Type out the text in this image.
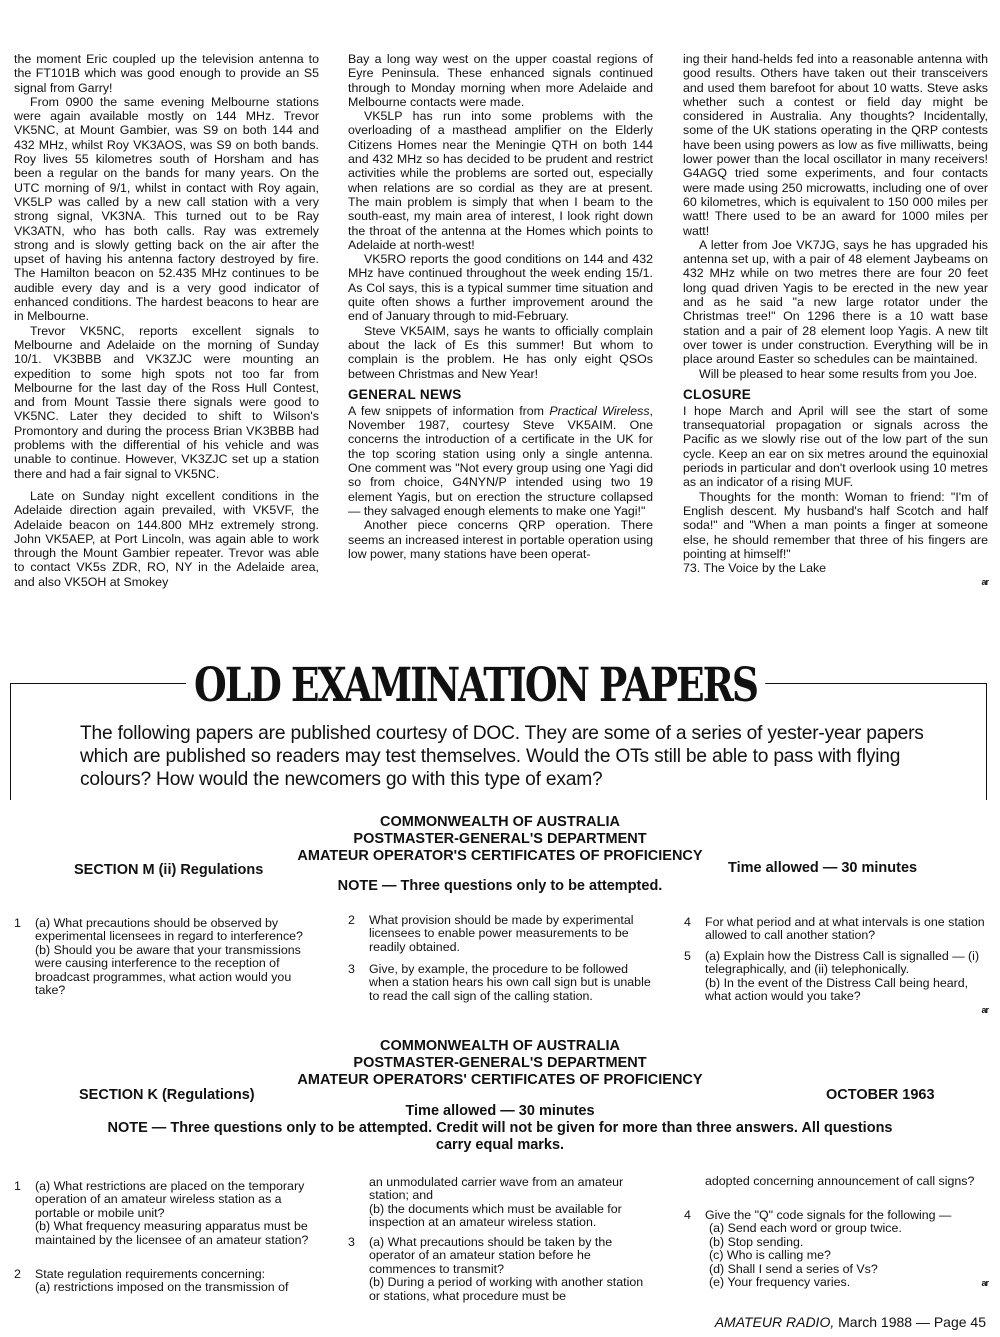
the moment Eric coupled up the television antenna to the FT101B which was good enough to provide an S5 signal from Garry!

From 0900 the same evening Melbourne stations were again available mostly on 144 MHz. Trevor VK5NC, at Mount Gambier, was S9 on both 144 and 432 MHz, whilst Roy VK3AOS, was S9 on both bands. Roy lives 55 kilometres south of Horsham and has been a regular on the bands for many years. On the UTC morning of 9/1, whilst in contact with Roy again, VK5LP was called by a new call station with a very strong signal, VK3NA. This turned out to be Ray VK3ATN, who has both calls. Ray was extremely strong and is slowly getting back on the air after the upset of having his antenna factory destroyed by fire. The Hamilton beacon on 52.435 MHz continues to be audible every day and is a very good indicator of enhanced conditions. The hardest beacons to hear are in Melbourne.

Trevor VK5NC, reports excellent signals to Melbourne and Adelaide on the morning of Sunday 10/1. VK3BBB and VK3ZJC were mounting an expedition to some high spots not too far from Melbourne for the last day of the Ross Hull Contest, and from Mount Tassie there signals were good to VK5NC. Later they decided to shift to Wilson's Promontory and during the process Brian VK3BBB had problems with the differential of his vehicle and was unable to continue. However, VK3ZJC set up a station there and had a fair signal to VK5NC.

Late on Sunday night excellent conditions in the Adelaide direction again prevailed, with VK5VF, the Adelaide beacon on 144.800 MHz extremely strong. John VK5AEP, at Port Lincoln, was again able to work through the Mount Gambier repeater. Trevor was able to contact VK5s ZDR, RO, NY in the Adelaide area, and also VK5OH at Smokey

Bay a long way west on the upper coastal regions of Eyre Peninsula. These enhanced signals continued through to Monday morning when more Adelaide and Melbourne contacts were made.

VK5LP has run into some problems with the overloading of a masthead amplifier on the Elderly Citizens Homes near the Meningie QTH on both 144 and 432 MHz so has decided to be prudent and restrict activities while the problems are sorted out, especially when relations are so cordial as they are at present. The main problem is simply that when I beam to the south-east, my main area of interest, I look right down the throat of the antenna at the Homes which points to Adelaide at north-west!

VK5RO reports the good conditions on 144 and 432 MHz have continued throughout the week ending 15/1. As Col says, this is a typical summer time situation and quite often shows a further improvement around the end of January through to mid-February.

Steve VK5AIM, says he wants to officially complain about the lack of Es this summer! But whom to complain is the problem. He has only eight QSOs between Christmas and New Year!

GENERAL NEWS

A few snippets of information from Practical Wireless, November 1987, courtesy Steve VK5AIM. One concerns the introduction of a certificate in the UK for the top scoring station using only a single antenna. One comment was "Not every group using one Yagi did so from choice, G4NYN/P intended using two 19 element Yagis, but on erection the structure collapsed — they salvaged enough elements to make one Yagi!"

Another piece concerns QRP operation. There seems an increased interest in portable operation using low power, many stations have been operat-

ing their hand-helds fed into a reasonable antenna with good results. Others have taken out their transceivers and used them barefoot for about 10 watts. Steve asks whether such a contest or field day might be considered in Australia. Any thoughts? Incidentally, some of the UK stations operating in the QRP contests have been using powers as low as five milliwatts, being lower power than the local oscillator in many receivers! G4AGQ tried some experiments, and four contacts were made using 250 microwatts, including one of over 60 kilometres, which is equivalent to 150 000 miles per watt! There used to be an award for 1000 miles per watt!

A letter from Joe VK7JG, says he has upgraded his antenna set up, with a pair of 48 element Jaybeams on 432 MHz while on two metres there are four 20 feet long quad driven Yagis to be erected in the new year and as he said "a new large rotator under the Christmas tree!" On 1296 there is a 10 watt base station and a pair of 28 element loop Yagis. A new tilt over tower is under construction. Everything will be in place around Easter so schedules can be maintained.

Will be pleased to hear some results from you Joe.

CLOSURE

I hope March and April will see the start of some transequatorial propagation or signals across the Pacific as we slowly rise out of the low part of the sun cycle. Keep an ear on six metres around the equinoxial periods in particular and don't overlook using 10 metres as an indicator of a rising MUF.

Thoughts for the month: Woman to friend: "I'm of English descent. My husband's half Scotch and half soda!" and "When a man points a finger at someone else, he should remember that three of his fingers are pointing at himself!"

73. The Voice by the Lake

ar
OLD EXAMINATION PAPERS
The following papers are published courtesy of DOC. They are some of a series of yester-year papers which are published so readers may test themselves. Would the OTs still be able to pass with flying colours? How would the newcomers go with this type of exam?
COMMONWEALTH OF AUSTRALIA
POSTMASTER-GENERAL'S DEPARTMENT
AMATEUR OPERATOR'S CERTIFICATES OF PROFICIENCY
SECTION M (ii) Regulations	Time allowed — 30 minutes
NOTE — Three questions only to be attempted.
1 (a) What precautions should be observed by experimental licensees in regard to interference?

(b) Should you be aware that your transmissions were causing interference to the reception of broadcast programmes, what action would you take?

2 What provision should be made by experimental licensees to enable power measurements to be readily obtained.

3 Give, by example, the procedure to be followed when a station hears his own call sign but is unable to read the call sign of the calling station.

4 For what period and at what intervals is one station allowed to call another station?

5 (a) Explain how the Distress Call is signalled — (i) telegraphically, and (ii) telephonically.

(b) In the event of the Distress Call being heard, what action would you take?

ar
COMMONWEALTH OF AUSTRALIA
POSTMASTER-GENERAL'S DEPARTMENT
AMATEUR OPERATORS' CERTIFICATES OF PROFICIENCY
SECTION K (Regulations)	OCTOBER 1963
Time allowed — 30 minutes
NOTE — Three questions only to be attempted. Credit will not be given for more than three answers. All questions
carry equal marks.
1 (a) What restrictions are placed on the temporary operation of an amateur wireless station as a portable or mobile unit?

(b) What frequency measuring apparatus must be maintained by the licensee of an amateur station?

2 State regulation requirements concerning:

(a) restrictions imposed on the transmission of

an unmodulated carrier wave from an amateur station; and

(b) the documents which must be available for inspection at an amateur wireless station.

3 (a) What precautions should be taken by the operator of an amateur station before he commences to transmit?

(b) During a period of working with another station or stations, what procedure must be

adopted concerning announcement of call signs?

4 Give the "Q" code signals for the following —

(a) Send each word or group twice.

(b) Stop sending.

(c) Who is calling me?

(d) Shall I send a series of Vs?

(e) Your frequency varies.	ar
AMATEUR RADIO, March 1988 — Page 45
